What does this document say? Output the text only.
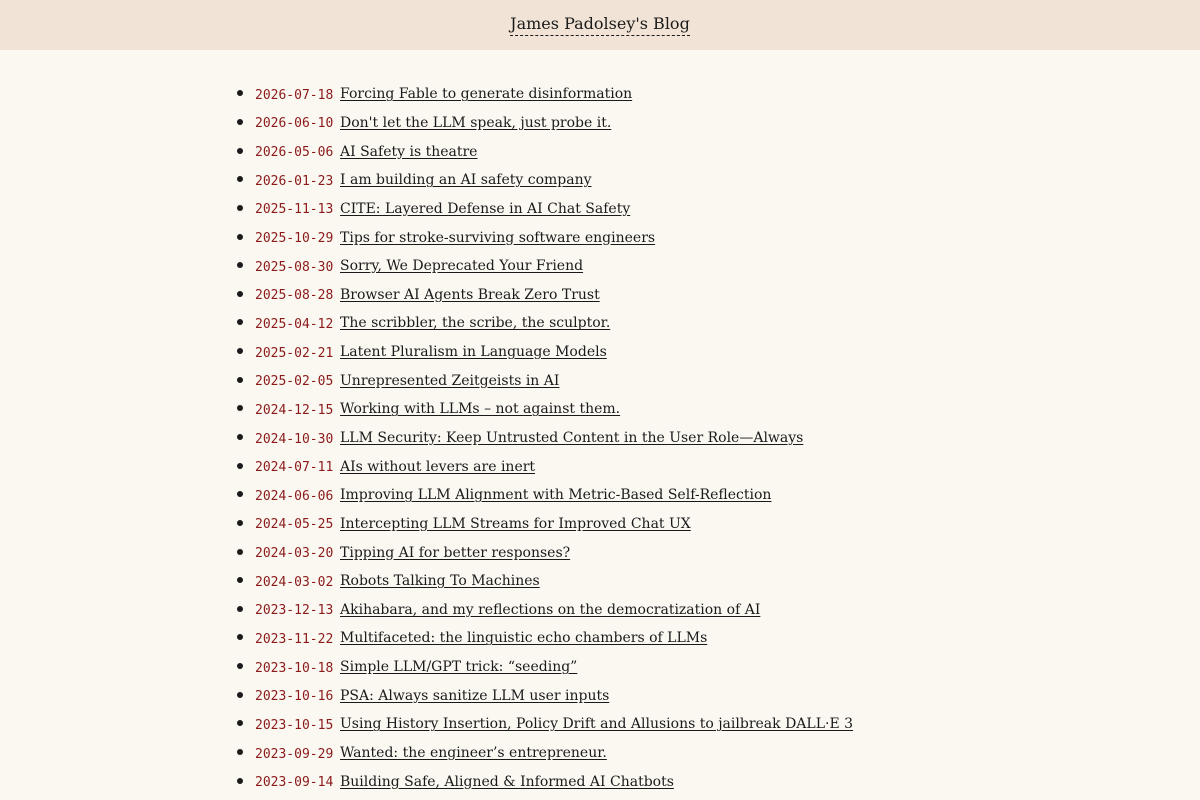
James Padolsey's Blog
2026-07-18 Forcing Fable to generate disinformation
2026-06-10 Don't let the LLM speak, just probe it.
2026-05-06 AI Safety is theatre
2026-01-23 I am building an AI safety company
2025-11-13 CITE: Layered Defense in AI Chat Safety
2025-10-29 Tips for stroke-surviving software engineers
2025-08-30 Sorry, We Deprecated Your Friend
2025-08-28 Browser AI Agents Break Zero Trust
2025-04-12 The scribbler, the scribe, the sculptor.
2025-02-21 Latent Pluralism in Language Models
2025-02-05 Unrepresented Zeitgeists in AI
2024-12-15 Working with LLMs – not against them.
2024-10-30 LLM Security: Keep Untrusted Content in the User Role—Always
2024-07-11 AIs without levers are inert
2024-06-06 Improving LLM Alignment with Metric-Based Self-Reflection
2024-05-25 Intercepting LLM Streams for Improved Chat UX
2024-03-20 Tipping AI for better responses?
2024-03-02 Robots Talking To Machines
2023-12-13 Akihabara, and my reflections on the democratization of AI
2023-11-22 Multifaceted: the linguistic echo chambers of LLMs
2023-10-18 Simple LLM/GPT trick: “seeding”
2023-10-16 PSA: Always sanitize LLM user inputs
2023-10-15 Using History Insertion, Policy Drift and Allusions to jailbreak DALL·E 3
2023-09-29 Wanted: the engineer’s entrepreneur.
2023-09-14 Building Safe, Aligned & Informed AI Chatbots
